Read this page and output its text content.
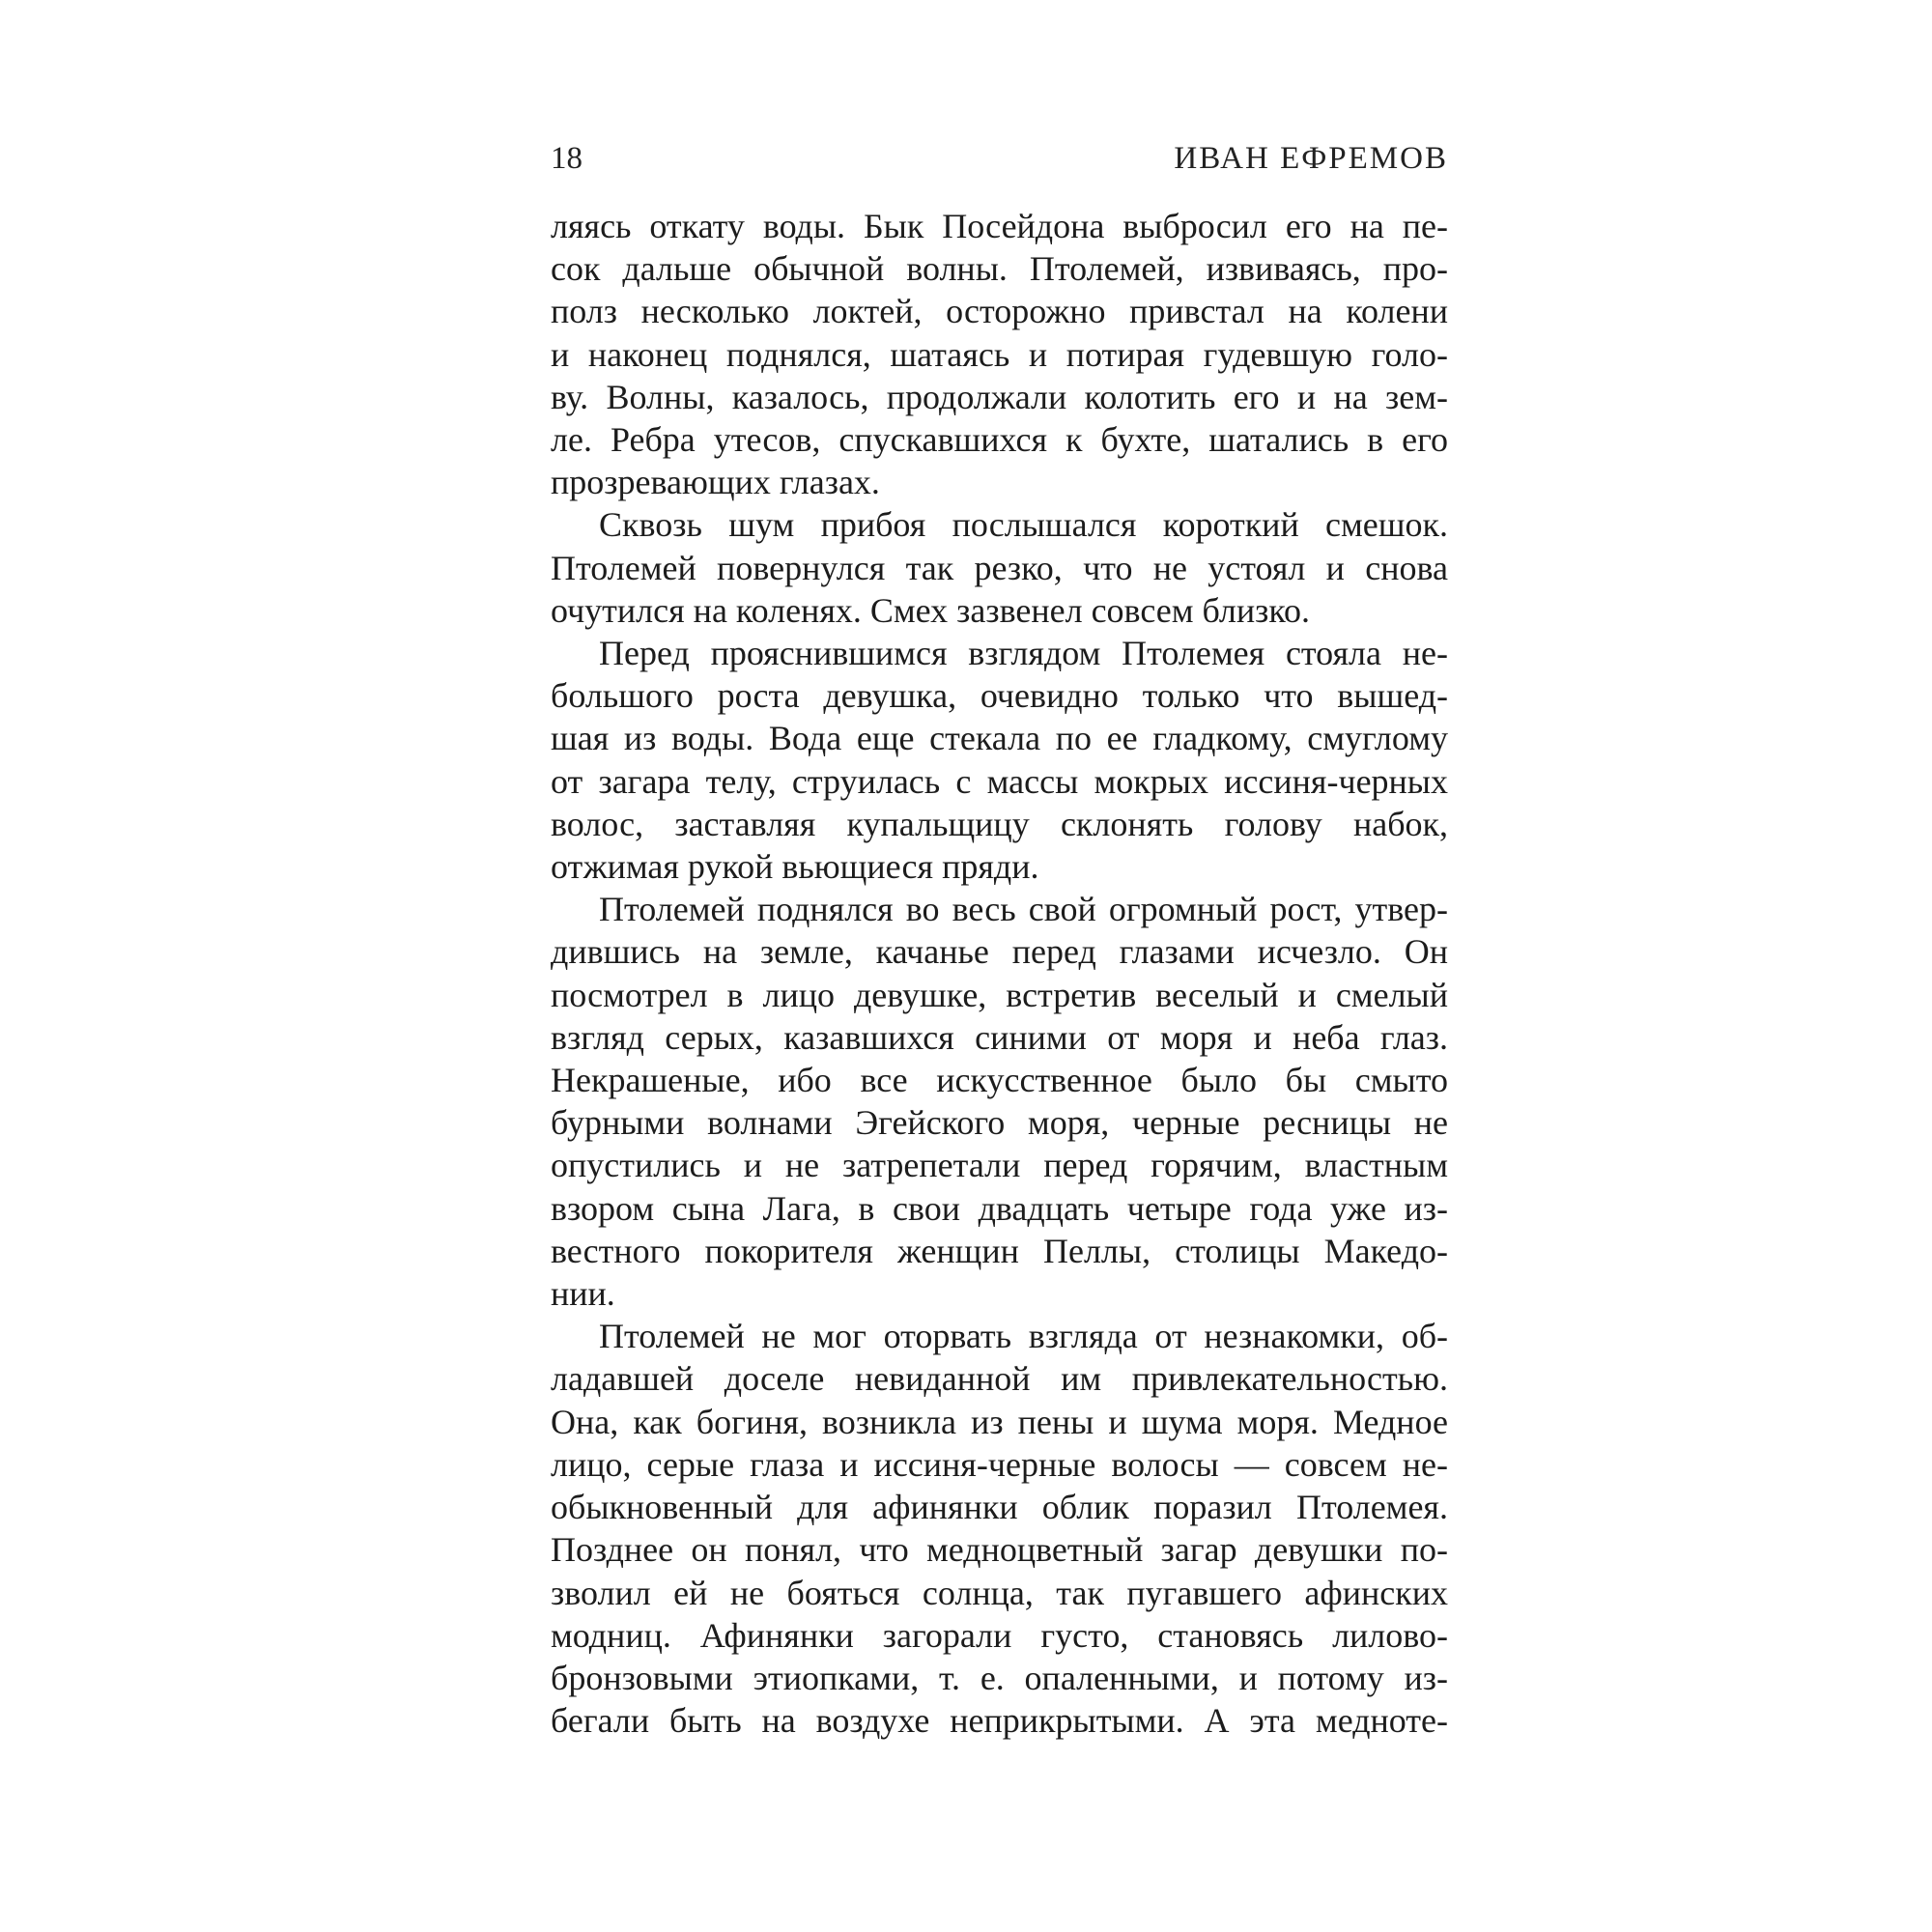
18	ИВАН ЕФРЕМОВ
ляясь откату воды. Бык Посейдона выбросил его на пе-
сок дальше обычной волны. Птолемей, извиваясь, про-
полз несколько локтей, осторожно привстал на колени
и наконец поднялся, шатаясь и потирая гудевшую голо-
ву. Волны, казалось, продолжали колотить его и на зем-
ле. Ребра утесов, спускавшихся к бухте, шатались в его
прозревающих глазах.
Сквозь шум прибоя послышался короткий смешок.
Птолемей повернулся так резко, что не устоял и снова
очутился на коленях. Смех зазвенел совсем близко.
Перед прояснившимся взглядом Птолемея стояла не-
большого роста девушка, очевидно только что вышед-
шая из воды. Вода еще стекала по ее гладкому, смуглому
от загара телу, струилась с массы мокрых иссиня-черных
волос, заставляя купальщицу склонять голову набок,
отжимая рукой вьющиеся пряди.
Птолемей поднялся во весь свой огромный рост, утвер-
дившись на земле, качанье перед глазами исчезло. Он
посмотрел в лицо девушке, встретив веселый и смелый
взгляд серых, казавшихся синими от моря и неба глаз.
Некрашеные, ибо все искусственное было бы смыто
бурными волнами Эгейского моря, черные ресницы не
опустились и не затрепетали перед горячим, властным
взором сына Лага, в свои двадцать четыре года уже из-
вестного покорителя женщин Пеллы, столицы Македо-
нии.
Птолемей не мог оторвать взгляда от незнакомки, об-
ладавшей доселе невиданной им привлекательностью.
Она, как богиня, возникла из пены и шума моря. Медное
лицо, серые глаза и иссиня-черные волосы — совсем не-
обыкновенный для афинянки облик поразил Птолемея.
Позднее он понял, что медноцветный загар девушки по-
зволил ей не бояться солнца, так пугавшего афинских
модниц. Афинянки загорали густо, становясь лилово-
бронзовыми этиопками, т. е. опаленными, и потому из-
бегали быть на воздухе неприкрытыми. А эта медноте-
